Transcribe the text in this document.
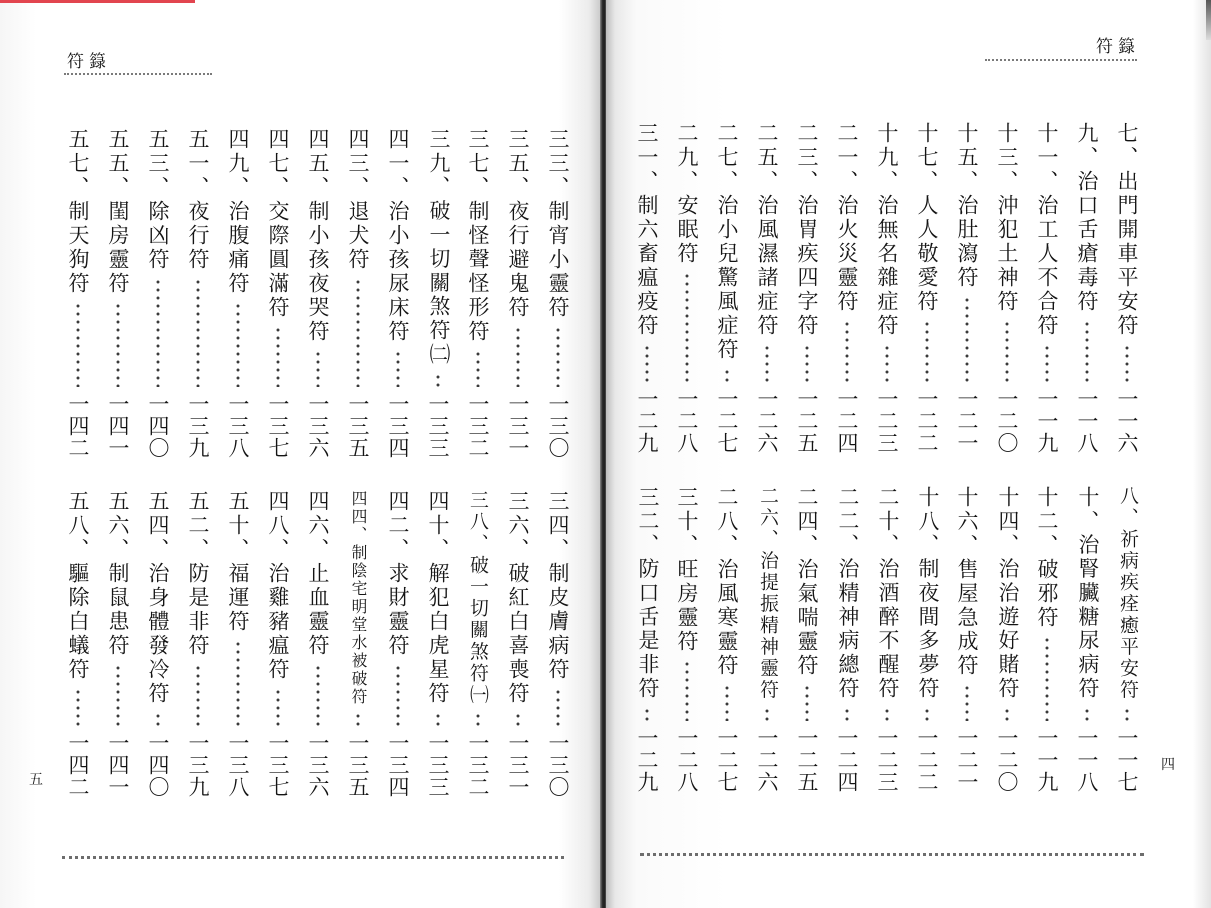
符籙
三三、制宵小靈符
一三〇
三五、夜行避鬼符
一三一
三七、制怪聲怪形符
一三二
三九、破一切關煞符㈡
一三三
四一、治小孩尿床符
一三四
四三、退犬符
一三五
四五、制小孩夜哭符
一三六
四七、交際圓滿符
一三七
四九、治腹痛符
一三八
五一、夜行符
一三九
五三、除凶符
一四〇
五五、閨房靈符
一四一
五七、制天狗符
一四二
三四、制皮膚病符
一三〇
三六、破紅白喜喪符
一三一
三八、破一切關煞符㈠
一三二
四十、解犯白虎星符
一三三
四二、求財靈符
一三四
四四、制陰宅明堂水被破符
一三五
四六、止血靈符
一三六
四八、治雞豬瘟符
一三七
五十、福運符
一三八
五二、防是非符
一三九
五四、治身體發冷符
一四〇
五六、制鼠患符
一四一
五八、驅除白蟻符
一四二
五
符籙
七、出門開車平安符
一一六
九、治口舌瘡毒符
一一八
十一、治工人不合符
一一九
十三、沖犯土神符
一二〇
十五、治肚瀉符
一二一
十七、人人敬愛符
一二二
十九、治無名雜症符
一二三
二一、治火災靈符
一二四
二三、治胃疾四字符
一二五
二五、治風濕諸症符
一二六
二七、治小兒驚風症符
一二七
二九、安眠符
一二八
三一、制六畜瘟疫符
一二九
八、祈病疾痊癒平安符
一一七
十、治腎臟糖尿病符
一一八
十二、破邪符
一一九
十四、治治遊好賭符
一二〇
十六、售屋急成符
一二一
十八、制夜間多夢符
一二二
二十、治酒醉不醒符
一二三
二二、治精神病總符
一二四
二四、治氣喘靈符
一二五
二六、治提振精神靈符
一二六
二八、治風寒靈符
一二七
三十、旺房靈符
一二八
三二、防口舌是非符
一二九	四
